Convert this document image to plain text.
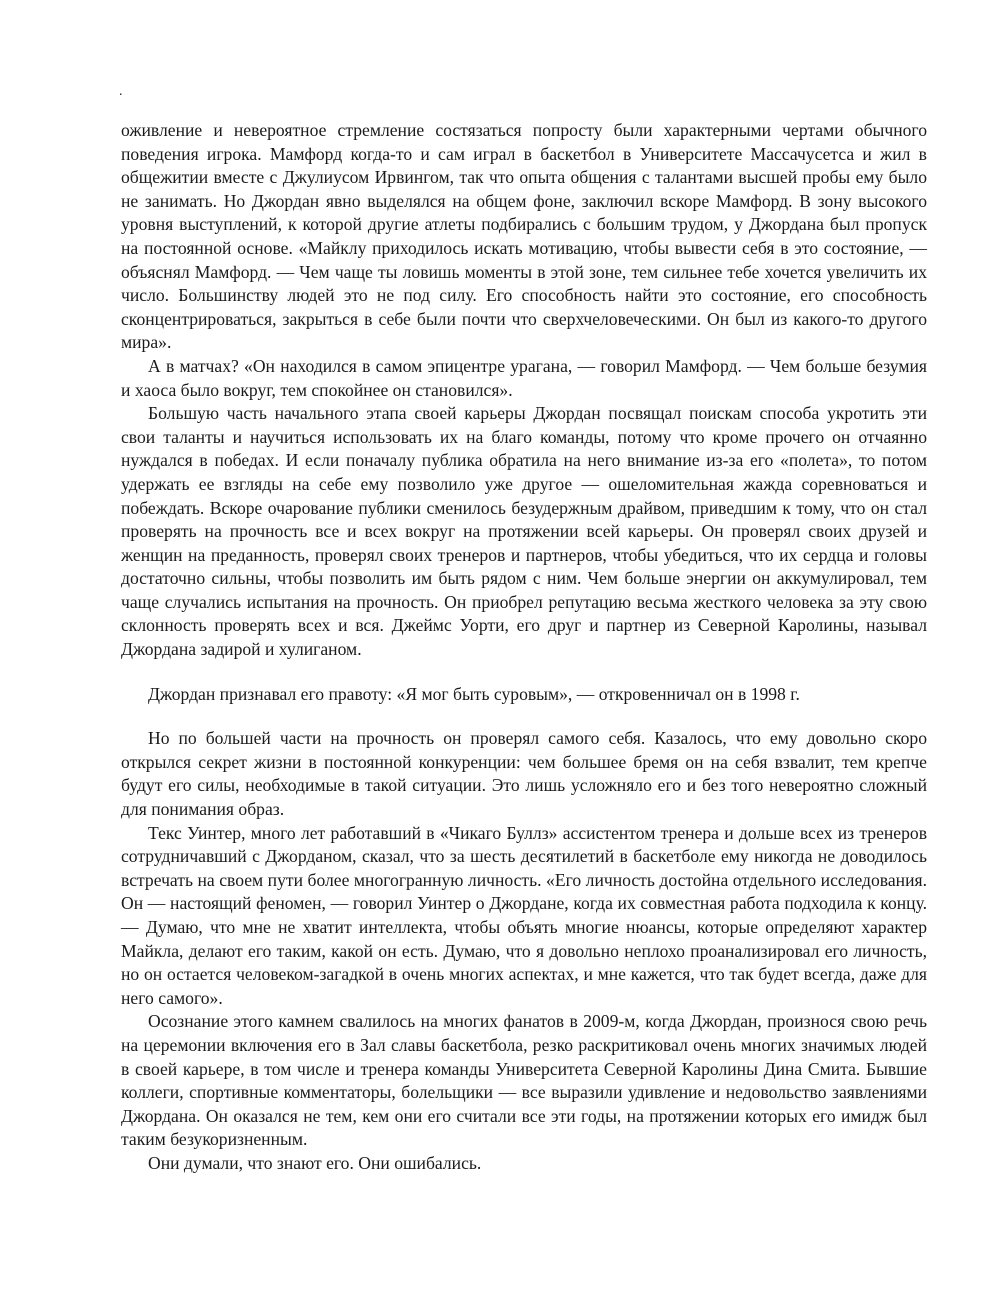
.

оживление и невероятное стремление состязаться попросту были характерными чертами обычного поведения игрока. Мамфорд когда-то и сам играл в баскетбол в Университете Массачусетса и жил в общежитии вместе с Джулиусом Ирвингом, так что опыта общения с талантами высшей пробы ему было не занимать. Но Джордан явно выделялся на общем фоне, заключил вскоре Мамфорд. В зону высокого уровня выступлений, к которой другие атлеты подбирались с большим трудом, у Джордана был пропуск на постоянной основе. «Майклу приходилось искать мотивацию, чтобы вывести себя в это состояние, — объяснял Мамфорд. — Чем чаще ты ловишь моменты в этой зоне, тем сильнее тебе хочется увеличить их число. Большинству людей это не под силу. Его способность найти это состояние, его способность сконцентрироваться, закрыться в себе были почти что сверхчеловеческими. Он был из какого-то другого мира».

А в матчах? «Он находился в самом эпицентре урагана, — говорил Мамфорд. — Чем больше безумия и хаоса было вокруг, тем спокойнее он становился».

Большую часть начального этапа своей карьеры Джордан посвящал поискам способа укротить эти свои таланты и научиться использовать их на благо команды, потому что кроме прочего он отчаянно нуждался в победах. И если поначалу публика обратила на него внимание из-за его «полета», то потом удержать ее взгляды на себе ему позволило уже другое — ошеломительная жажда соревноваться и побеждать. Вскоре очарование публики сменилось безудержным драйвом, приведшим к тому, что он стал проверять на прочность все и всех вокруг на протяжении всей карьеры. Он проверял своих друзей и женщин на преданность, проверял своих тренеров и партнеров, чтобы убедиться, что их сердца и головы достаточно сильны, чтобы позволить им быть рядом с ним. Чем больше энергии он аккумулировал, тем чаще случались испытания на прочность. Он приобрел репутацию весьма жесткого человека за эту свою склонность проверять всех и вся. Джеймс Уорти, его друг и партнер из Северной Каролины, называл Джордана задирой и хулиганом.

Джордан признавал его правоту: «Я мог быть суровым», — откровенничал он в 1998 г.

Но по большей части на прочность он проверял самого себя. Казалось, что ему довольно скоро открылся секрет жизни в постоянной конкуренции: чем большее бремя он на себя взвалит, тем крепче будут его силы, необходимые в такой ситуации. Это лишь усложняло его и без того невероятно сложный для понимания образ.

Текс Уинтер, много лет работавший в «Чикаго Буллз» ассистентом тренера и дольше всех из тренеров сотрудничавший с Джорданом, сказал, что за шесть десятилетий в баскетболе ему никогда не доводилось встречать на своем пути более многогранную личность. «Его личность достойна отдельного исследования. Он — настоящий феномен, — говорил Уинтер о Джордане, когда их совместная работа подходила к концу. — Думаю, что мне не хватит интеллекта, чтобы объять многие нюансы, которые определяют характер Майкла, делают его таким, какой он есть. Думаю, что я довольно неплохо проанализировал его личность, но он остается человеком-загадкой в очень многих аспектах, и мне кажется, что так будет всегда, даже для него самого».

Осознание этого камнем свалилось на многих фанатов в 2009-м, когда Джордан, произнося свою речь на церемонии включения его в Зал славы баскетбола, резко раскритиковал очень многих значимых людей в своей карьере, в том числе и тренера команды Университета Северной Каролины Дина Смита. Бывшие коллеги, спортивные комментаторы, болельщики — все выразили удивление и недовольство заявлениями Джордана. Он оказался не тем, кем они его считали все эти годы, на протяжении которых его имидж был таким безукоризненным.

Они думали, что знают его. Они ошибались.
